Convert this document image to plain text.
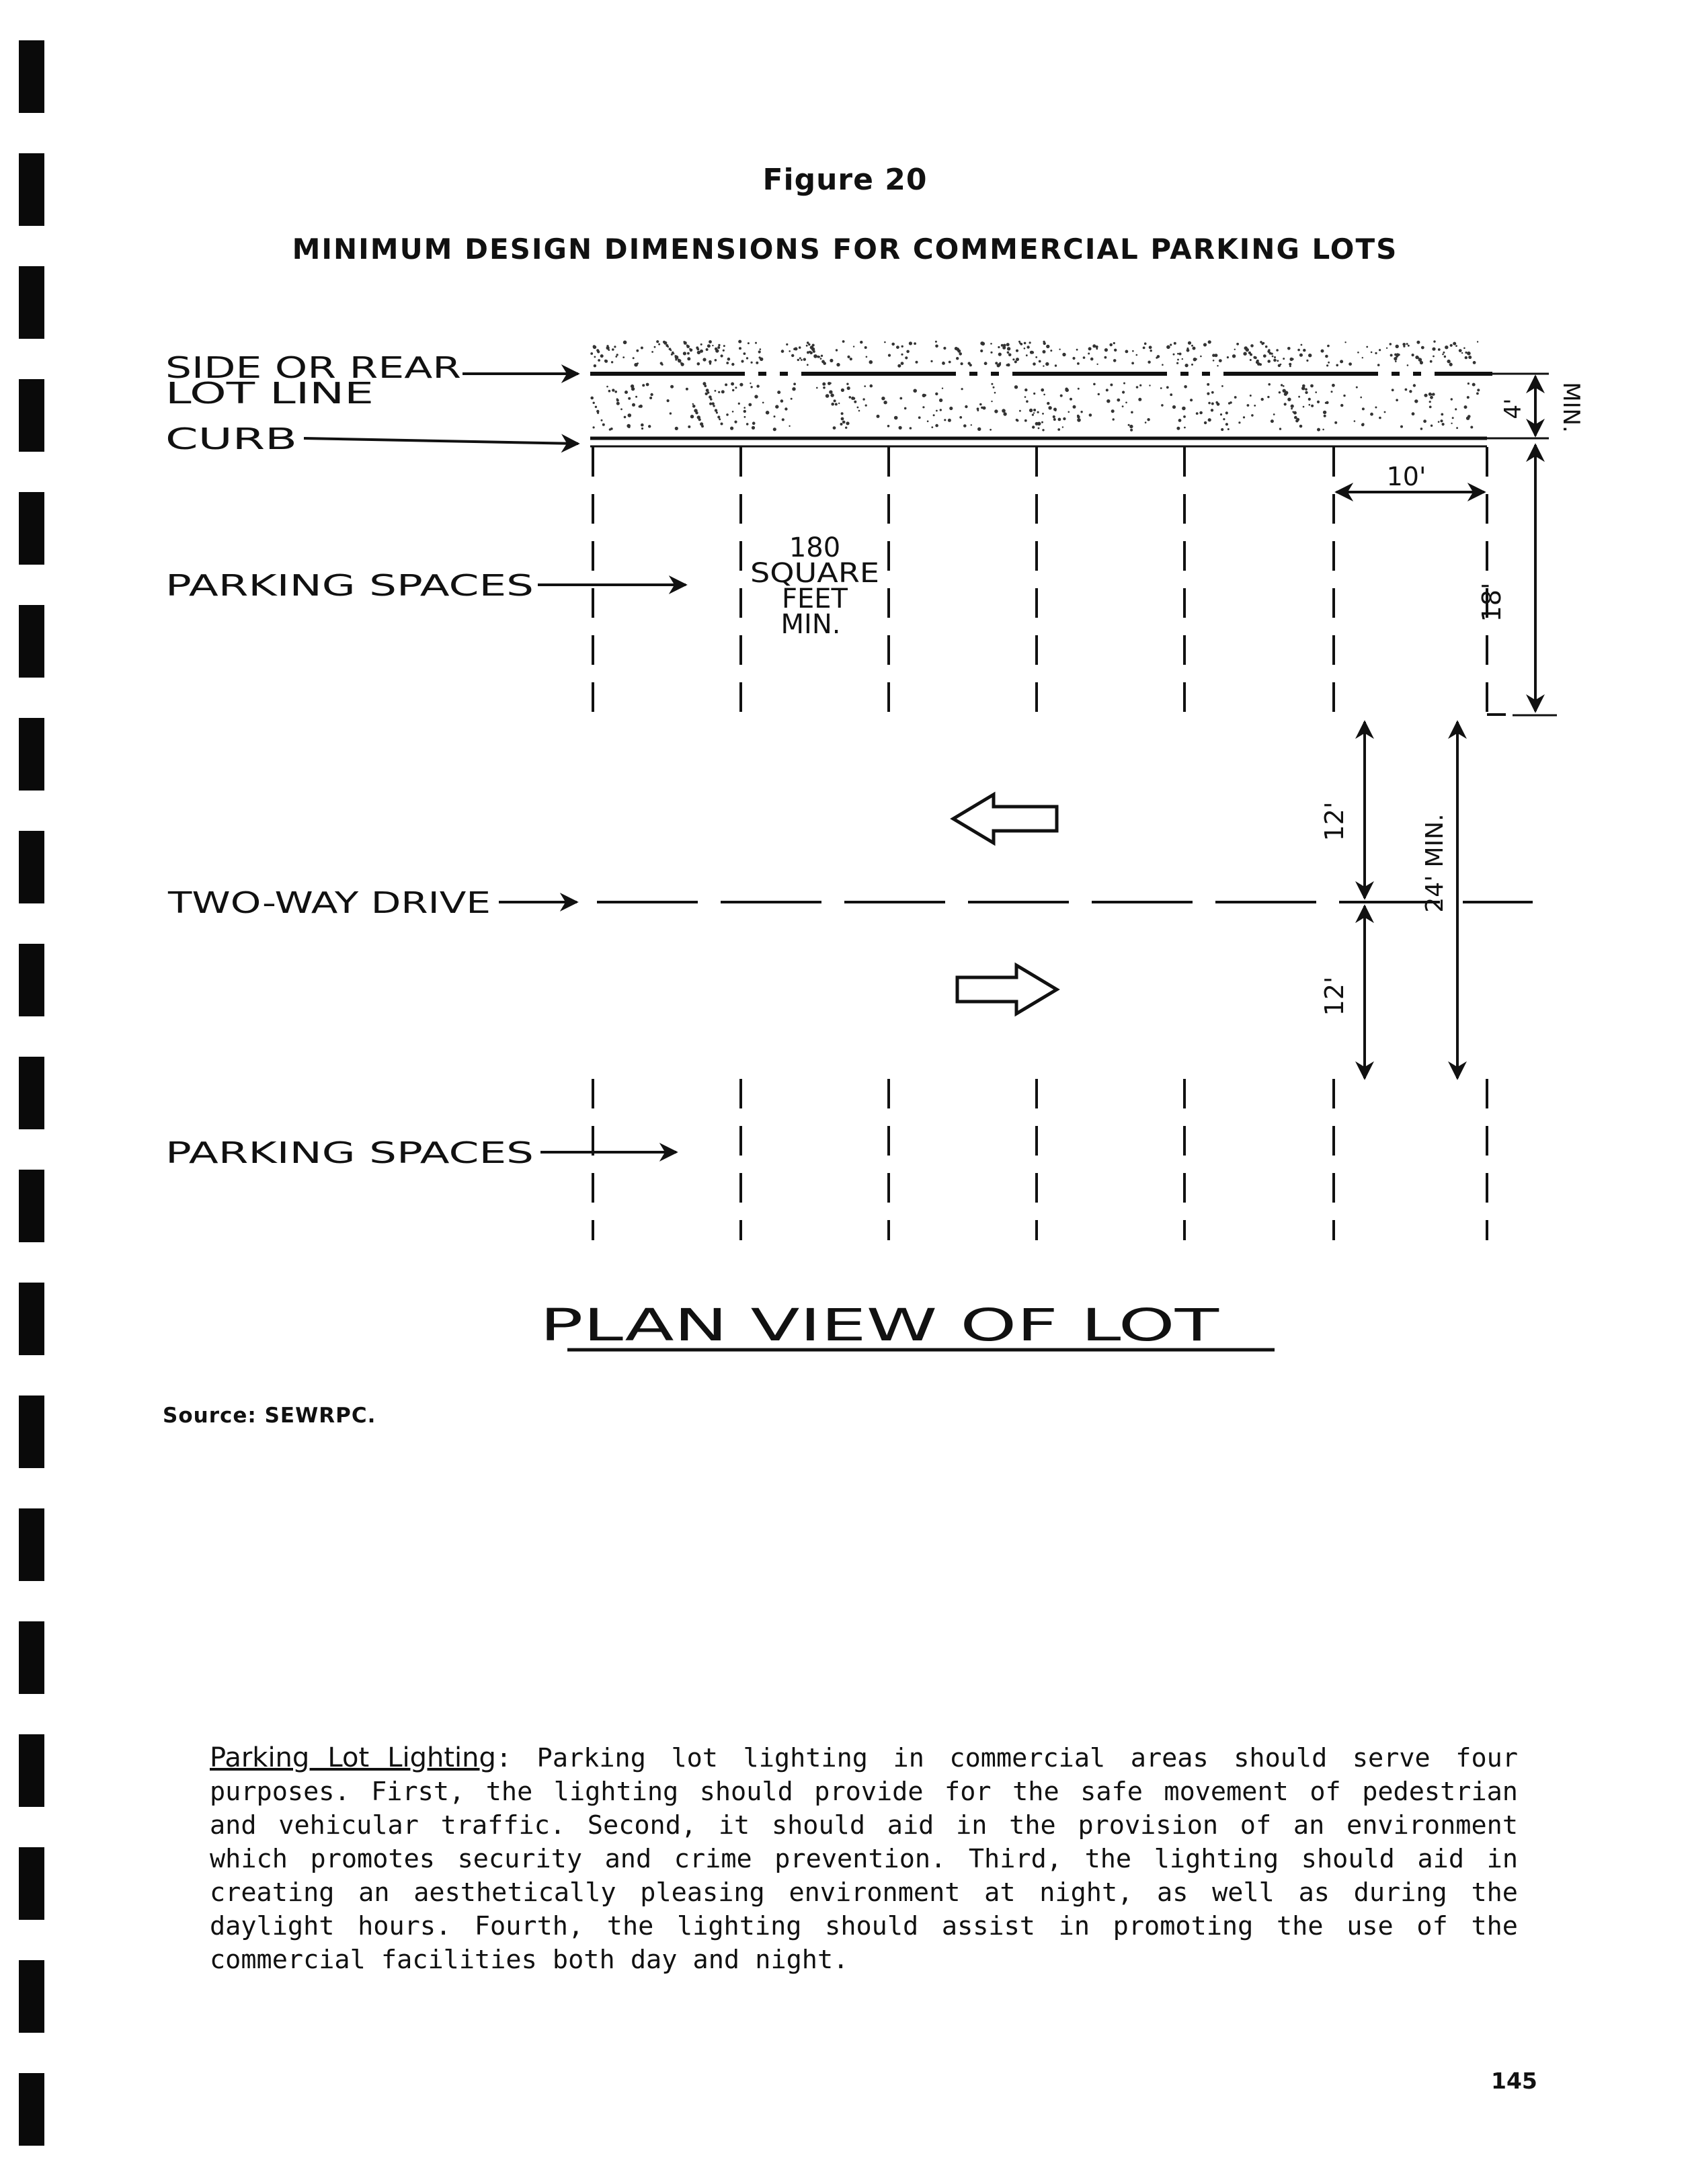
Figure 20
MINIMUM DESIGN DIMENSIONS FOR COMMERCIAL PARKING LOTS
SIDE OR REAR
LOT LINE
CURB
PARKING SPACES
PARKING SPACES
TWO-WAY DRIVE
180
SQUARE
FEET
MIN.
10'
4' MIN.
18'
12'
12'
24' MIN.
PLAN VIEW OF LOT
Source: SEWRPC.
Parking Lot Lighting: Parking lot lighting in commercial areas should serve four purposes. First, the lighting should provide for the safe movement of pedestrian and vehicular traffic. Second, it should aid in the provision of an environment which promotes security and crime prevention. Third, the lighting should aid in creating an aesthetically pleasing environment at night, as well as during the daylight hours. Fourth, the lighting should assist in promoting the use of the commercial facilities both day and night.
145
